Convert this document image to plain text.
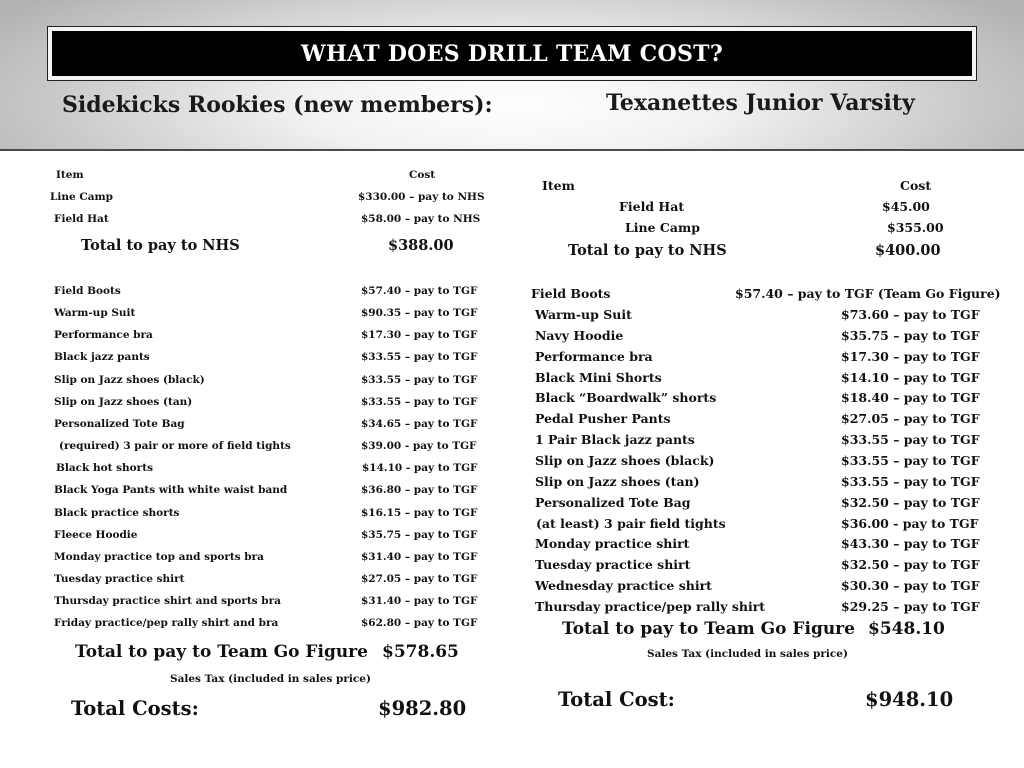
WHAT DOES DRILL TEAM COST?
Sidekicks Rookies (new members):	Texanettes Junior Varsity
Item	Cost
Line Camp	$330.00 – pay to NHS
Field Hat	$58.00 – pay to NHS
Total to pay to NHS	$388.00
Field Boots	$57.40 – pay to TGF
Warm-up Suit	$90.35 – pay to TGF
Performance bra	$17.30 – pay to TGF
Black jazz pants	$33.55 – pay to TGF
Slip on Jazz shoes (black)	$33.55 – pay to TGF
Slip on Jazz shoes (tan)	$33.55 – pay to TGF
Personalized Tote Bag	$34.65 – pay to TGF
(required) 3 pair or more of field tights	$39.00 - pay to TGF
Black hot shorts	$14.10 - pay to TGF
Black Yoga Pants with white waist band	$36.80 – pay to TGF
Black practice shorts	$16.15 – pay to TGF
Fleece Hoodie	$35.75 – pay to TGF
Monday practice top and sports bra	$31.40 – pay to TGF
Tuesday practice shirt	$27.05 – pay to TGF
Thursday practice shirt and sports bra	$31.40 – pay to TGF
Friday practice/pep rally shirt and bra	$62.80 – pay to TGF
Total to pay to Team Go Figure $578.65
Sales Tax (included in sales price)
Total Costs:	$982.80
Item	Cost
Field Hat	$45.00
Line Camp	$355.00
Total to pay to NHS	$400.00
Field Boots	$57.40 – pay to TGF (Team Go Figure)
Warm-up Suit	$73.60 – pay to TGF
Navy Hoodie	$35.75 – pay to TGF
Performance bra	$17.30 – pay to TGF
Black Mini Shorts	$14.10 – pay to TGF
Black “Boardwalk” shorts	$18.40 – pay to TGF
Pedal Pusher Pants	$27.05 – pay to TGF
1 Pair Black jazz pants	$33.55 – pay to TGF
Slip on Jazz shoes (black)	$33.55 – pay to TGF
Slip on Jazz shoes (tan)	$33.55 – pay to TGF
Personalized Tote Bag	$32.50 – pay to TGF
(at least) 3 pair field tights	$36.00 - pay to TGF
Monday practice shirt	$43.30 – pay to TGF
Tuesday practice shirt	$32.50 – pay to TGF
Wednesday practice shirt	$30.30 – pay to TGF
Thursday practice/pep rally shirt	$29.25 – pay to TGF
Total to pay to Team Go Figure $548.10
Sales Tax (included in sales price)
Total Cost:	$948.10
